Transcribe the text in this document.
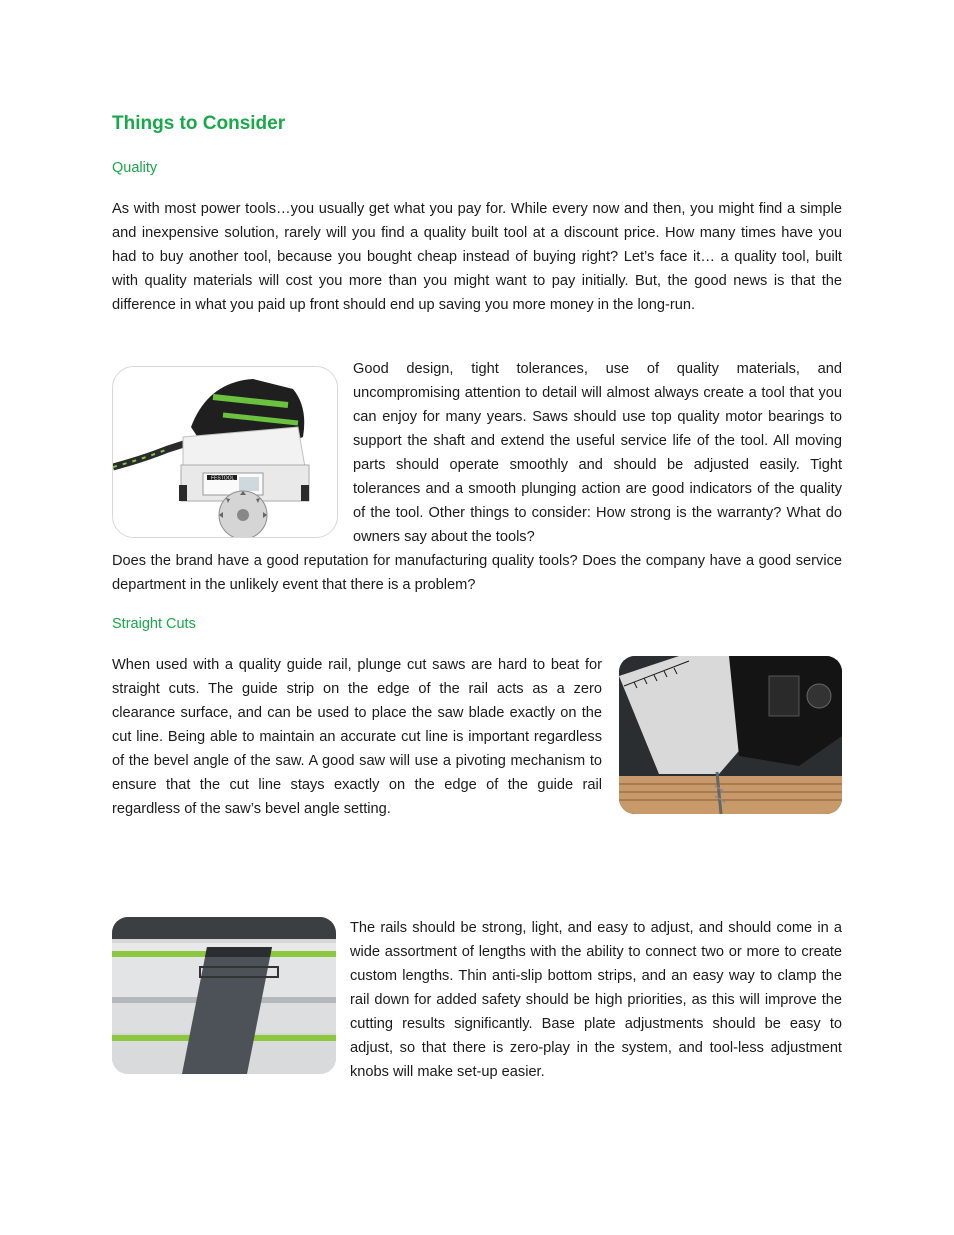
Things to Consider
Quality

As with most power tools…you usually get what you pay for. While every now and then, you might find a simple and inexpensive solution, rarely will you find a quality built tool at a discount price. How many times have you had to buy another tool, because you bought cheap instead of buying right? Let’s face it… a quality tool, built with quality materials will cost you more than you might want to pay initially. But, the good news is that the difference in what you paid up front should end up saving you more money in the long-run.

FESTOOL

Good design, tight tolerances, use of quality materials, and uncompromising attention to detail will almost always create a tool that you can enjoy for many years. Saws should use top quality motor bearings to support the shaft and extend the useful service life of the tool. All moving parts should operate smoothly and should be adjusted easily. Tight tolerances and a smooth plunging action are good indicators of the quality of the tool. Other things to consider: How strong is the warranty? What do owners say about the tools?

Does the brand have a good reputation for manufacturing quality tools? Does the company have a good service department in the unlikely event that there is a problem?

Straight Cuts

When used with a quality guide rail, plunge cut saws are hard to beat for straight cuts. The guide strip on the edge of the rail acts as a zero clearance surface, and can be used to place the saw blade exactly on the cut line. Being able to maintain an accurate cut line is important regardless of the bevel angle of the saw. A good saw will use a pivoting mechanism to ensure that the cut line stays exactly on the edge of the guide rail regardless of the saw’s bevel angle setting.

The rails should be strong, light, and easy to adjust, and should come in a wide assortment of lengths with the ability to connect two or more to create custom lengths. Thin anti-slip bottom strips, and an easy way to clamp the rail down for added safety should be high priorities, as this will improve the cutting results significantly. Base plate adjustments should be easy to adjust, so that there is zero-play in the system, and tool-less adjustment knobs will make set-up easier.
